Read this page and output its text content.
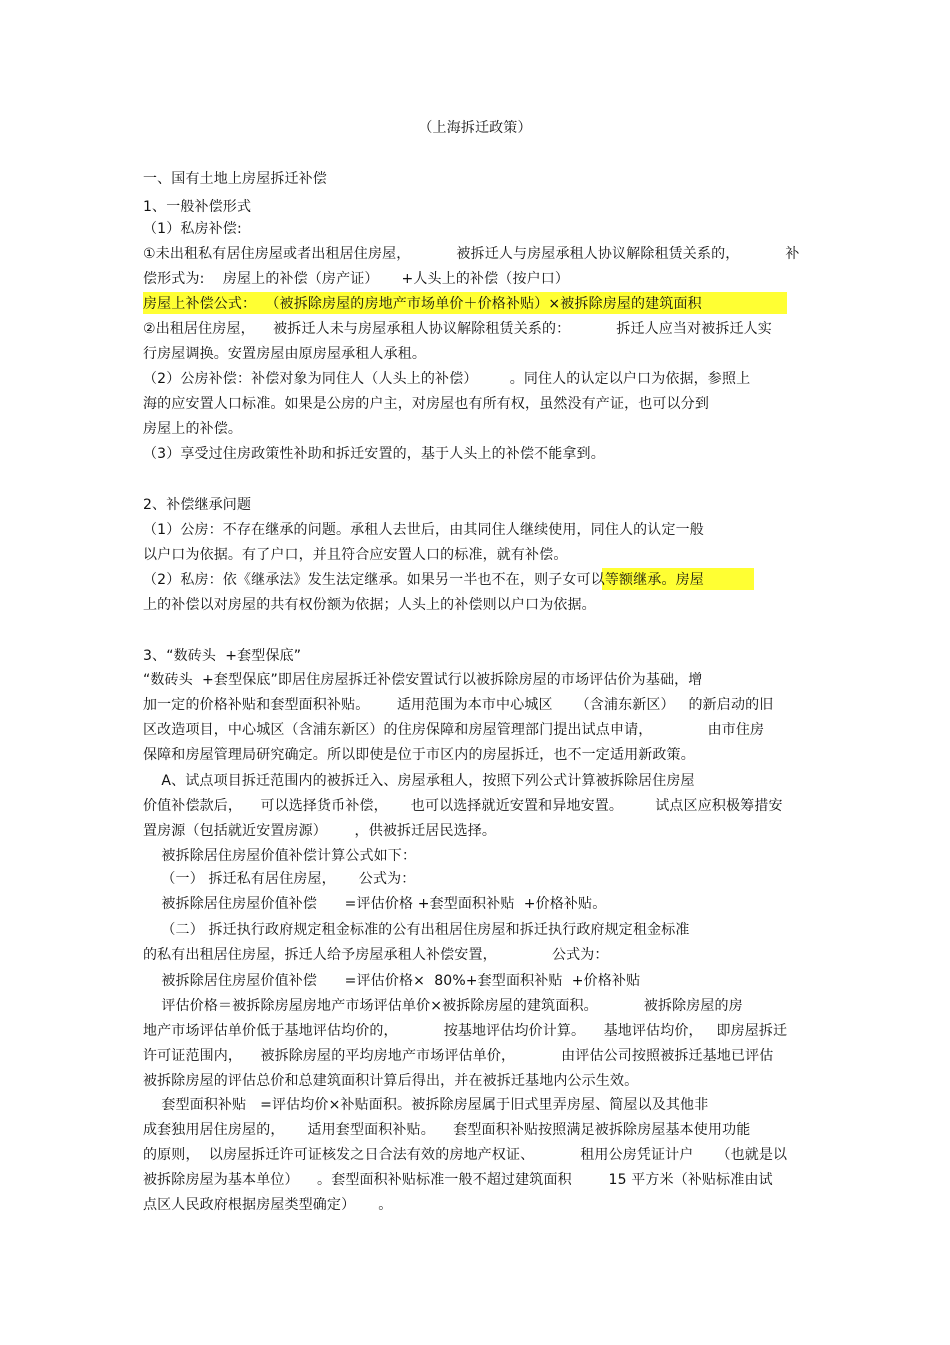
（上海拆迁政策）
一、国有土地上房屋拆迁补偿
1、一般补偿形式
（1）私房补偿:
①未出租私有居住房屋或者出租居住房屋，          被拆迁人与房屋承租人协议解除租赁关系的，          补
偿形式为:    房屋上的补偿（房产证）     +人头上的补偿（按户口）
房屋上补偿公式：  （被拆除房屋的房地产市场单价＋价格补贴）×被拆除房屋的建筑面积
②出租居住房屋，    被拆迁人未与房屋承租人协议解除租赁关系的：          拆迁人应当对被拆迁人实
行房屋调换。安置房屋由原房屋承租人承租。
（2）公房补偿：补偿对象为同住人（人头上的补偿）       。同住人的认定以户口为依据，参照上
海的应安置人口标准。如果是公房的户主，对房屋也有所有权，虽然没有产证，也可以分到
房屋上的补偿。
（3）享受过住房政策性补助和拆迁安置的，基于人头上的补偿不能拿到。
2、补偿继承问题
（1）公房：不存在继承的问题。承租人去世后，由其同住人继续使用，同住人的认定一般
以户口为依据。有了户口，并且符合应安置人口的标准，就有补偿。
（2）私房：依《继承法》发生法定继承。如果另一半也不在，则子女可以等额继承。房屋
上的补偿以对房屋的共有权份额为依据；人头上的补偿则以户口为依据。
3、“数砖头  +套型保底”
“数砖头  +套型保底”即居住房屋拆迁补偿安置试行以被拆除房屋的市场评估价为基础，增
加一定的价格补贴和套型面积补贴。      适用范围为本市中心城区     （含浦东新区）   的新启动的旧
区改造项目，中心城区（含浦东新区）的住房保障和房屋管理部门提出试点申请，            由市住房
保障和房屋管理局研究确定。所以即使是位于市区内的房屋拆迁，也不一定适用新政策。
A、试点项目拆迁范围内的被拆迁入、房屋承租人，按照下列公式计算被拆除居住房屋
价值补偿款后，    可以选择货币补偿，     也可以选择就近安置和异地安置。       试点区应积极筹措安
置房源（包括就近安置房源）      ，供被拆迁居民选择。
被拆除居住房屋价值补偿计算公式如下：
（一） 拆迁私有居住房屋，     公式为：
被拆除居住房屋价值补偿      =评估价格 +套型面积补贴  +价格补贴。
（二） 拆迁执行政府规定租金标准的公有出租居住房屋和拆迁执行政府规定租金标准
的私有出租居住房屋，拆迁人给予房屋承租人补偿安置，            公式为：
被拆除居住房屋价值补偿      =评估价格×  80%+套型面积补贴  +价格补贴
评估价格＝被拆除房屋房地产市场评估单价×被拆除房屋的建筑面积。          被拆除房屋的房
地产市场评估单价低于基地评估均价的，          按基地评估均价计算。    基地评估均价，   即房屋拆迁
许可证范围内，    被拆除房屋的平均房地产市场评估单价，          由评估公司按照被拆迁基地已评估
被拆除房屋的评估总价和总建筑面积计算后得出，并在被拆迁基地内公示生效。
套型面积补贴   =评估均价×补贴面积。被拆除房屋属于旧式里弄房屋、简屋以及其他非
成套独用居住房屋的，     适用套型面积补贴。    套型面积补贴按照满足被拆除房屋基本使用功能
的原则，  以房屋拆迁许可证核发之日合法有效的房地产权证、          租用公房凭证计户     （也就是以
被拆除房屋为基本单位）    。套型面积补贴标准一般不超过建筑面积        15 平方米（补贴标准由试
点区人民政府根据房屋类型确定）     。
